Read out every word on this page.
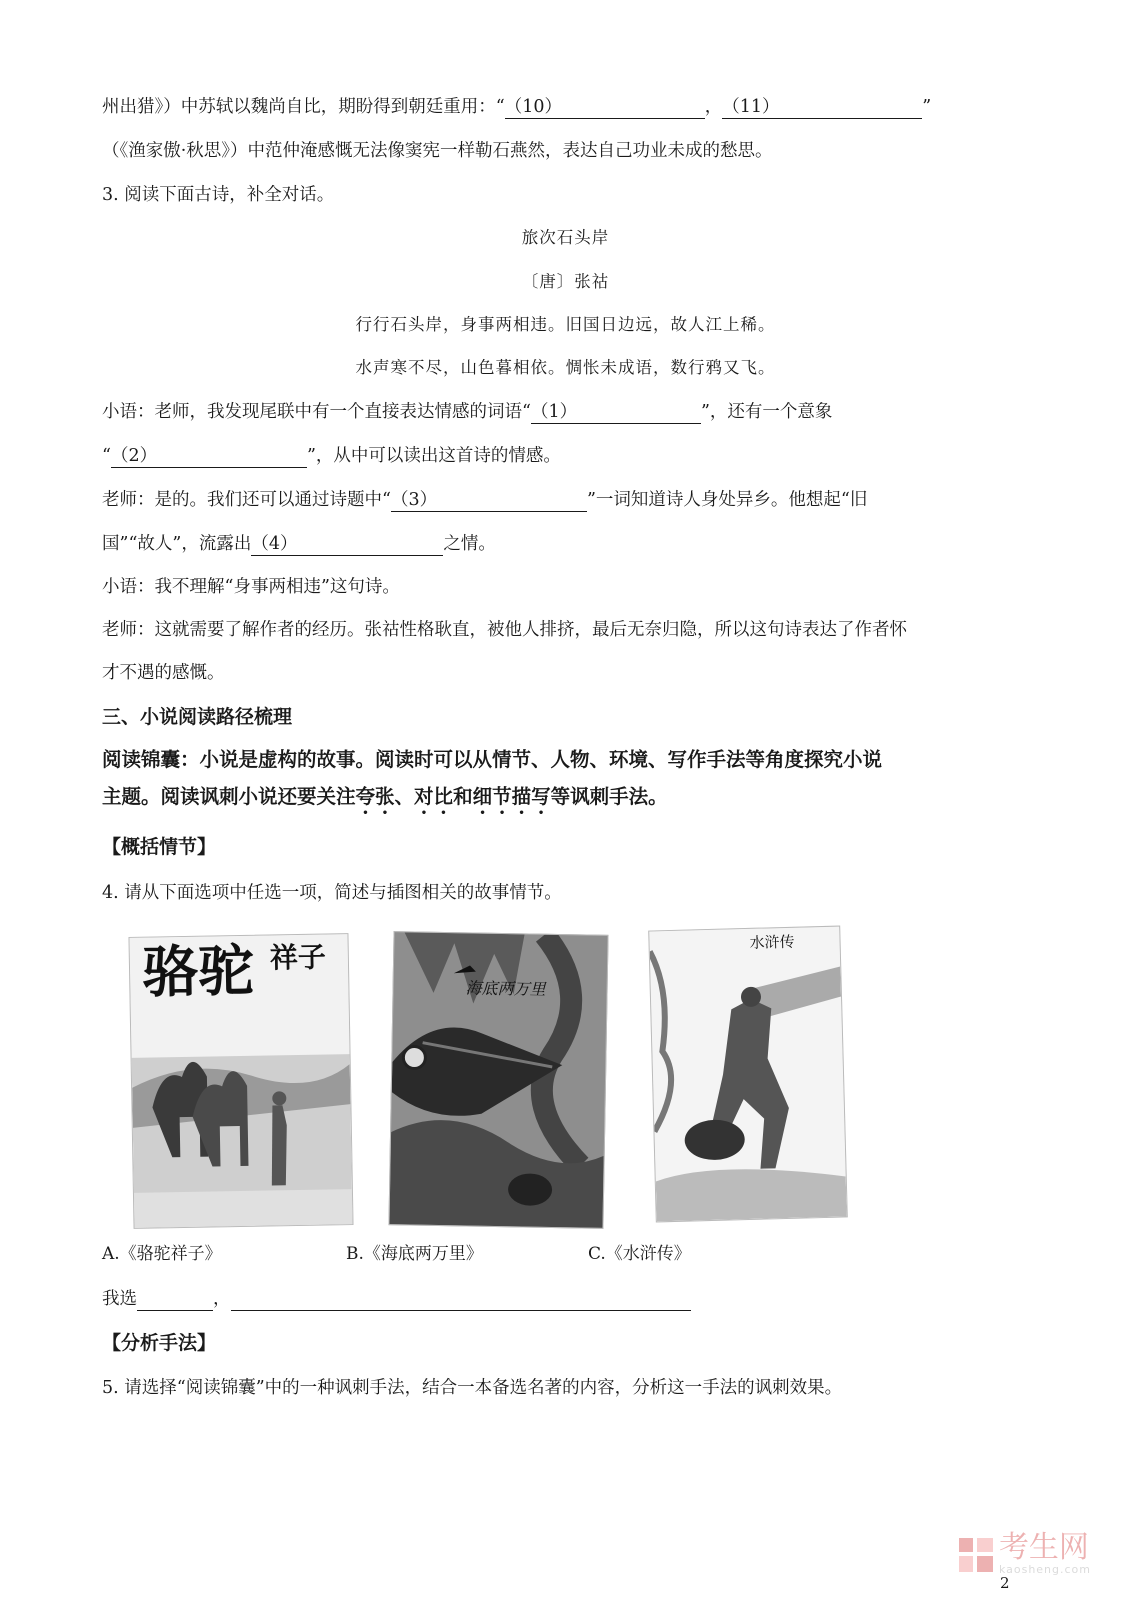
州出猎》）中苏轼以魏尚自比，期盼得到朝廷重用：“（10）	，（11）	”
（《渔家傲·秋思》）中范仲淹感慨无法像窦宪一样勒石燕然，表达自己功业未成的愁思。
3. 阅读下面古诗，补全对话。
旅次石头岸
〔唐〕张祜
行行石头岸，身事两相违。旧国日边远，故人江上稀。
水声寒不尽，山色暮相依。惆怅未成语，数行鸦又飞。
小语：老师，我发现尾联中有一个直接表达情感的词语“（1）	”，还有一个意象
“（2）	”，从中可以读出这首诗的情感。
老师：是的。我们还可以通过诗题中“（3）	”一词知道诗人身处异乡。他想起“旧
国”“故人”，流露出（4）	之情。
小语：我不理解“身事两相违”这句诗。
老师：这就需要了解作者的经历。张祜性格耿直，被他人排挤，最后无奈归隐，所以这句诗表达了作者怀
才不遇的感慨。
三、小说阅读路径梳理
阅读锦囊：小说是虚构的故事。阅读时可以从情节、人物、环境、写作手法等角度探究小说
主题。阅读讽刺小说还要关注夸张、对比和细节描写等讽刺手法。
【概括情节】
4. 请从下面选项中任选一项，简述与插图相关的故事情节。
骆驼 祥子
海底两万里
水浒传
A.《骆驼祥子》	B.《海底两万里》	C.《水浒传》
我选	，
【分析手法】
5. 请选择“阅读锦囊”中的一种讽刺手法，结合一本备选名著的内容，分析这一手法的讽刺效果。
考生网
kaosheng.com
2
